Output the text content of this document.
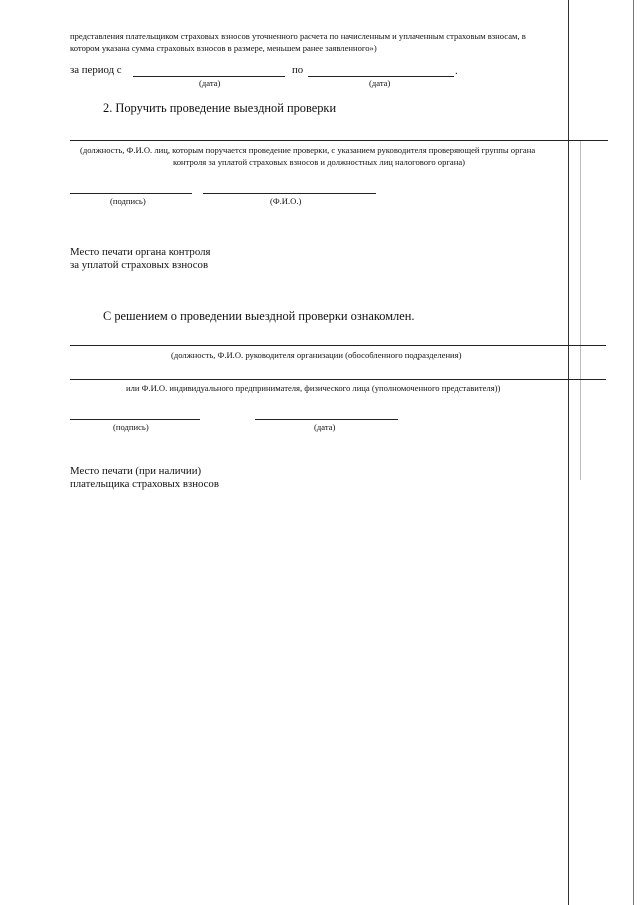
представления плательщиком страховых взносов уточненного расчета по начисленным и уплаченным страховым взносам, в
котором указана сумма страховых взносов в размере, меньшем ранее заявленного»)
за период с	по	.
(дата)	(дата)
2. Поручить проведение выездной проверки
(должность, Ф.И.О. лиц, которым поручается проведение проверки, с указанием руководителя проверяющей группы органа
контроля за уплатой страховых взносов и должностных лиц налогового органа)
(подпись)	(Ф.И.О.)
Место печати органа контроля
за уплатой страховых взносов
С решением о проведении выездной проверки ознакомлен.
(должность, Ф.И.О. руководителя организации (обособленного подразделения)
или Ф.И.О. индивидуального предпринимателя, физического лица (уполномоченного представителя))
(подпись)	(дата)
Место печати (при наличии)
плательщика страховых взносов
